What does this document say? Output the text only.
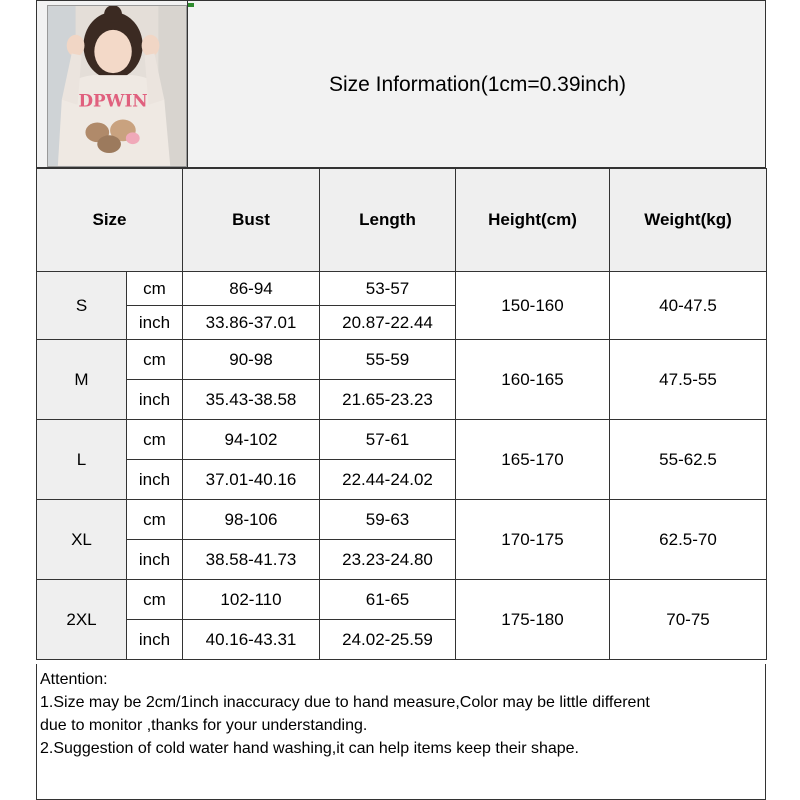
DPWIN
Size Information(1cm=0.39inch)
Size		Bust	Length	Height(cm)	Weight(kg)
S	cm	86-94	53-57	150-160	40-47.5
	inch	33.86-37.01	20.87-22.44		
M	cm	90-98	55-59	160-165	47.5-55
	inch	35.43-38.58	21.65-23.23		
L	cm	94-102	57-61	165-170	55-62.5
	inch	37.01-40.16	22.44-24.02		
XL	cm	98-106	59-63	170-175	62.5-70
	inch	38.58-41.73	23.23-24.80		
2XL	cm	102-110	61-65	175-180	70-75
	inch	40.16-43.31	24.02-25.59		

Attention:

1.Size may be 2cm/1inch inaccuracy due to hand measure,Color may be little different

due to monitor ,thanks for your understanding.

2.Suggestion of cold water hand washing,it can help items keep their shape.
